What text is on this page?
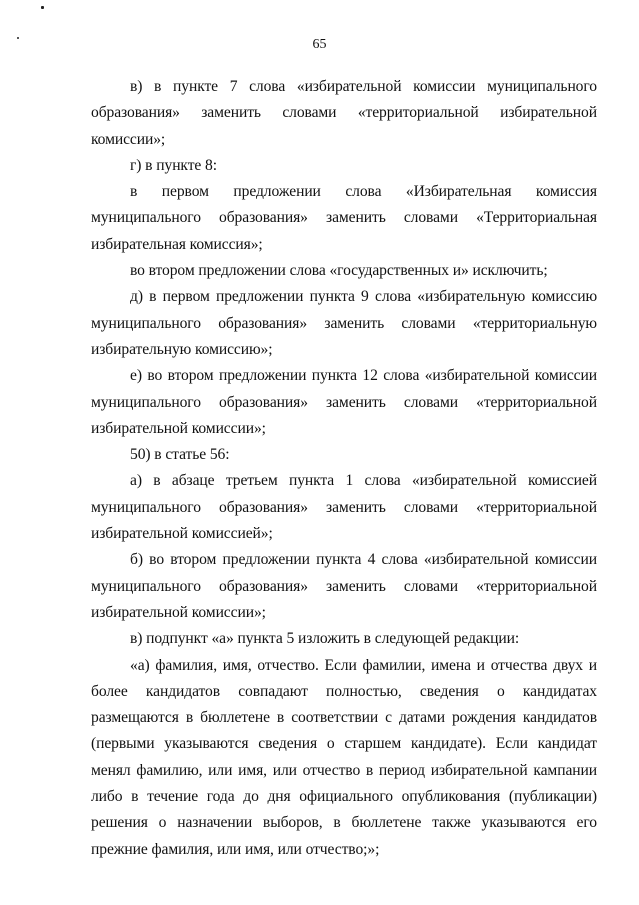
65

в) в пункте 7 слова «избирательной комиссии муниципального образования» заменить словами «территориальной избирательной комиссии»;

г) в пункте 8:

в первом предложении слова «Избирательная комиссия муниципального образования» заменить словами «Территориальная избирательная комиссия»;

во втором предложении слова «государственных и» исключить;

д) в первом предложении пункта 9 слова «избирательную комиссию муниципального образования» заменить словами «территориальную избирательную комиссию»;

е) во втором предложении пункта 12 слова «избирательной комиссии муниципального образования» заменить словами «территориальной избирательной комиссии»;

50) в статье 56:

а) в абзаце третьем пункта 1 слова «избирательной комиссией муниципального образования» заменить словами «территориальной избирательной комиссией»;

б) во втором предложении пункта 4 слова «избирательной комиссии муниципального образования» заменить словами «территориальной избирательной комиссии»;

в) подпункт «а» пункта 5 изложить в следующей редакции:

«а) фамилия, имя, отчество. Если фамилии, имена и отчества двух и более кандидатов совпадают полностью, сведения о кандидатах размещаются в бюллетене в соответствии с датами рождения кандидатов (первыми указываются сведения о старшем кандидате). Если кандидат менял фамилию, или имя, или отчество в период избирательной кампании либо в течение года до дня официального опубликования (публикации) решения о назначении выборов, в бюллетене также указываются его прежние фамилия, или имя, или отчество;»;
